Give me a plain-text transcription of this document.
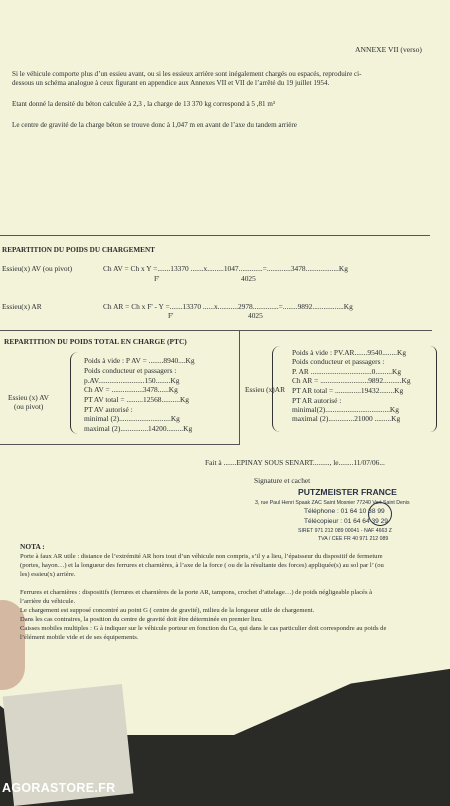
ANNEXE VII (verso)
Si le véhicule comporte plus d’un essieu avant, ou si les essieux arrière sont inégalement chargés ou espacés, reproduire ci-
dessous un schéma analogue à ceux figurant en appendice aux Annexes VII et VII de l’arrêté du 19 juillet 1954.
Etant donné la densité du béton calculée à 2,3 , la charge de 13 370 kg correspond à 5 ,81 m³
Le centre de gravité de la charge béton se trouve donc à 1,047 m en avant de l’axe du tandem arrière
REPARTITION DU POIDS DU CHARGEMENT
Essieu(x) AV (ou pivot)	Ch AV = Ch x Y =.......13370 .......x.........1047.............=.............3478..................Kg
F'	4025
Essieu(x) AR	Ch AR = Ch x F' - Y =.......13370 ......x...........2978..............=........9892.................Kg
F'	4025
REPARTITION DU POIDS TOTAL EN CHARGE (PTC)
Essieu (x) AV
(ou pivot)
Poids à vide : P AV = ........8940....Kg
Poids conducteur et passagers :
p.AV.........................150........Kg
Ch AV = .................3478......Kg
PT AV total = .........12568..........Kg
PT AV autorisé :
minimal (2)............................Kg
maximal (2)...............14200.........Kg
Essieu (x)AR
Poids à vide : PV.AR.......9540........Kg
Poids conducteur et passagers :
P. AR .................................0.........Kg
Ch AR = ..........................9892..........Kg
PT AR total = ..............19432........Kg
PT AR autorisé :
minimal(2)...................................Kg
maximal (2)..............21000 .........Kg
Fait à .......EPINAY SOUS SENART........., le........11/07/06...
Signature et cachet
PUTZMEISTER FRANCE
3, rue Paul Henri Spaak ZAC Saint Mosnier 77240 Vert Saint Denis
Téléphone : 01 64 10 38 99
Télécopieur : 01 64 64 39 29
SIRET 971 212 089 00041 - NAF 4663 Z
TVA / CEE FR 40 971 212 089
NOTA :
Porte à faux AR utile : distance de l’extrémité AR hors tout d’un véhicule non compris, s’il y a lieu, l’épaisseur du dispositif de fermeture
(portes, hayon…) et la longueur des ferrures et charnières, à l’axe de la force ( ou de la résultante des forces) appliquée(s) au sol par l’ (ou
les) essieu(x) arrière.
Ferrures et charnières : dispositifs (ferrures et charnières de la porte AR, tampons, crochet d’attelage…) de poids négligeable placés à
l’arrière du véhicule.
Le chargement est supposé concentré au point G ( centre de gravité), milieu de la longueur utile de chargement.
Dans les cas contraires, la position du centre de gravité doit être déterminée en premier lieu.
Caisses mobiles multiples : G à indiquer sur le véhicule porteur en fonction du Ca, qui dans le cas particulier doit correspondre au poids de
l’élément mobile vide et de ses équipements.
AGORASTORE.FR
